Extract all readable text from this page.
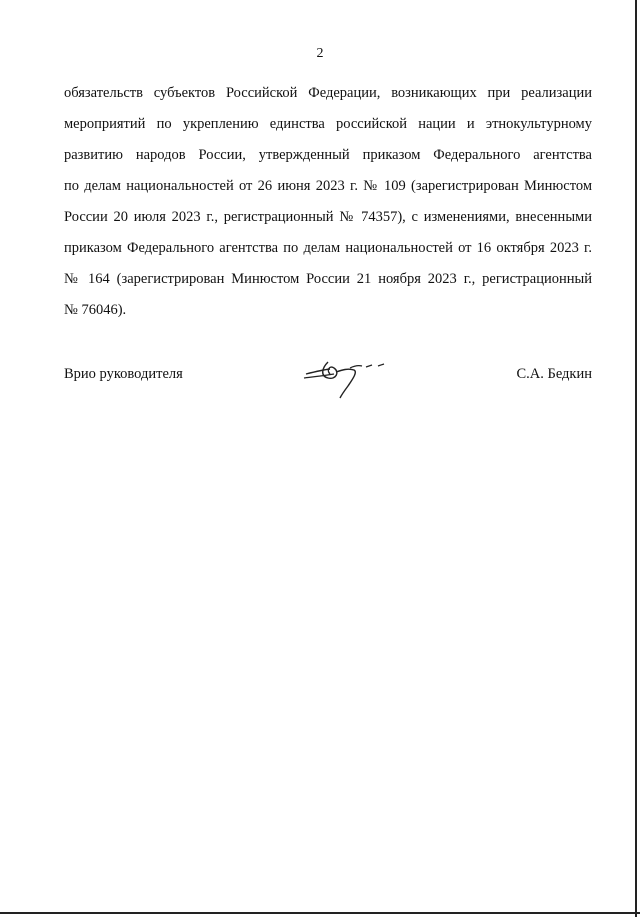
2
обязательств субъектов Российской Федерации, возникающих при реализации
мероприятий по укреплению единства российской нации и этнокультурному
развитию народов России, утвержденный приказом Федерального агентства
по делам национальностей от 26 июня 2023 г. № 109 (зарегистрирован Минюстом
России 20 июля 2023 г., регистрационный № 74357), с изменениями, внесенными
приказом Федерального агентства по делам национальностей от 16 октября 2023 г.
№ 164 (зарегистрирован Минюстом России 21 ноября 2023 г., регистрационный
№ 76046).
Врио руководителя	С.А. Бедкин
